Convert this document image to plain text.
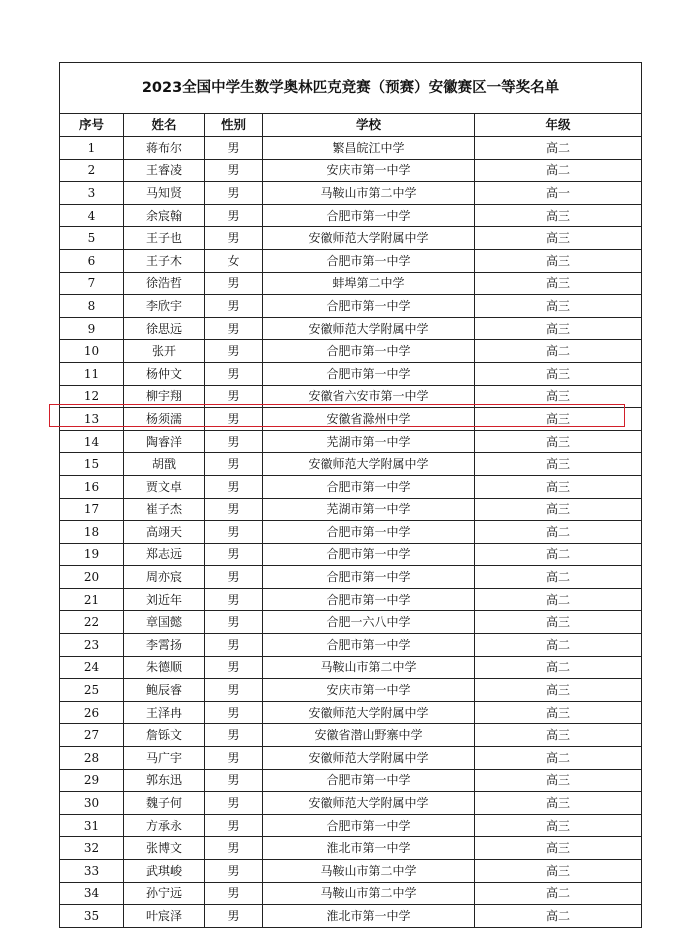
2023全国中学生数学奥林匹克竞赛（预赛）安徽赛区一等奖名单				
序号	姓名	性别	学校	年级
1	蒋布尔	男	繁昌皖江中学	高二
2	王睿凌	男	安庆市第一中学	高二
3	马知贤	男	马鞍山市第二中学	高一
4	余宸翰	男	合肥市第一中学	高三
5	王子也	男	安徽师范大学附属中学	高三
6	王子木	女	合肥市第一中学	高三
7	徐浩哲	男	蚌埠第二中学	高三
8	李欣宇	男	合肥市第一中学	高三
9	徐思远	男	安徽师范大学附属中学	高三
10	张开	男	合肥市第一中学	高二
11	杨仲文	男	合肥市第一中学	高三
12	柳宇翔	男	安徽省六安市第一中学	高三
13	杨须濡	男	安徽省滁州中学	高三
14	陶睿洋	男	芜湖市第一中学	高三
15	胡戬	男	安徽师范大学附属中学	高三
16	贾文卓	男	合肥市第一中学	高三
17	崔子杰	男	芜湖市第一中学	高三
18	高翊天	男	合肥市第一中学	高二
19	郑志远	男	合肥市第一中学	高二
20	周亦宸	男	合肥市第一中学	高二
21	刘近年	男	合肥市第一中学	高二
22	章国懿	男	合肥一六八中学	高三
23	李霄扬	男	合肥市第一中学	高二
24	朱德顺	男	马鞍山市第二中学	高二
25	鲍辰睿	男	安庆市第一中学	高三
26	王泽冉	男	安徽师范大学附属中学	高三
27	詹铄文	男	安徽省潜山野寨中学	高三
28	马广宇	男	安徽师范大学附属中学	高二
29	郭东迅	男	合肥市第一中学	高三
30	魏子何	男	安徽师范大学附属中学	高三
31	方承永	男	合肥市第一中学	高三
32	张博文	男	淮北市第一中学	高三
33	武琪峻	男	马鞍山市第二中学	高三
34	孙宁远	男	马鞍山市第二中学	高二
35	叶宸泽	男	淮北市第一中学	高二
